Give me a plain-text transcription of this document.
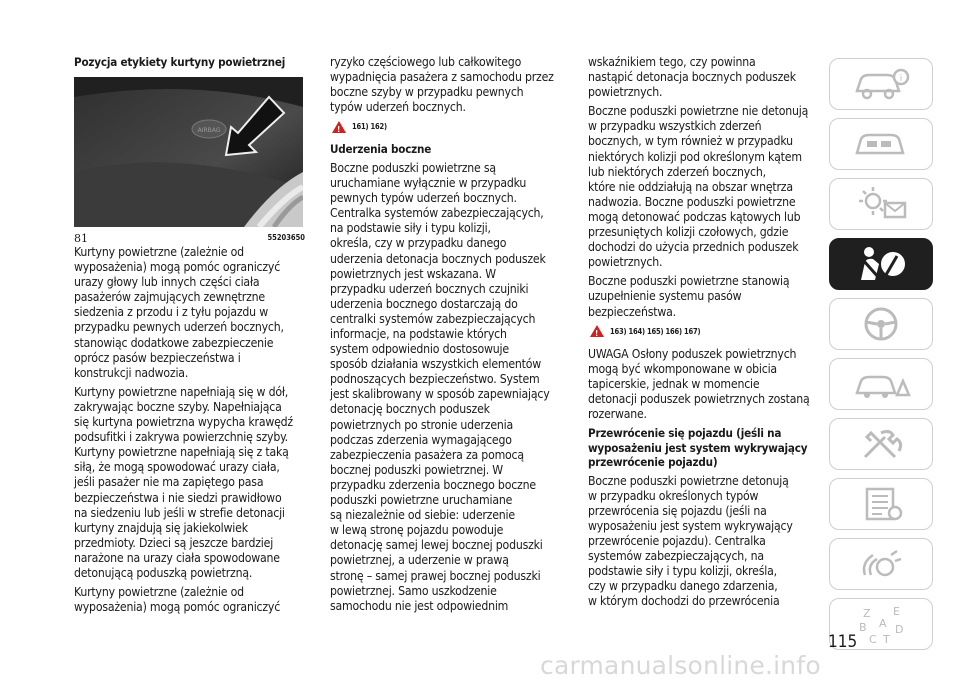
Pozycja etykiety kurtyny powietrznej
AIRBAG
81	55203650

Kurtyny powietrzne (zależnie od
wyposażenia) mogą pomóc ograniczyć
urazy głowy lub innych części ciała
pasażerów zajmujących zewnętrzne
siedzenia z przodu i z tyłu pojazdu w
przypadku pewnych uderzeń bocznych,
stanowiąc dodatkowe zabezpieczenie
oprócz pasów bezpieczeństwa i
konstrukcji nadwozia.

Kurtyny powietrzne napełniają się w dół,
zakrywając boczne szyby. Napełniająca
się kurtyna powietrzna wypycha krawędź
podsufitki i zakrywa powierzchnię szyby.
Kurtyny powietrzne napełniają się z taką
siłą, że mogą spowodować urazy ciała,
jeśli pasażer nie ma zapiętego pasa
bezpieczeństwa i nie siedzi prawidłowo
na siedzeniu lub jeśli w strefie detonacji
kurtyny znajdują się jakiekolwiek
przedmioty. Dzieci są jeszcze bardziej
narażone na urazy ciała spowodowane
detonującą poduszką powietrzną.

Kurtyny powietrzne (zależnie od
wyposażenia) mogą pomóc ograniczyć

ryzyko częściowego lub całkowitego
wypadnięcia pasażera z samochodu przez
boczne szyby w przypadku pewnych
typów uderzeń bocznych.

!
161) 162)
Uderzenia boczne

Boczne poduszki powietrzne są
uruchamiane wyłącznie w przypadku
pewnych typów uderzeń bocznych.
Centralka systemów zabezpieczających,
na podstawie siły i typu kolizji,
określa, czy w przypadku danego
uderzenia detonacja bocznych poduszek
powietrznych jest wskazana. W
przypadku uderzeń bocznych czujniki
uderzenia bocznego dostarczają do
centralki systemów zabezpieczających
informacje, na podstawie których
system odpowiednio dostosowuje
sposób działania wszystkich elementów
podnoszących bezpieczeństwo. System
jest skalibrowany w sposób zapewniający
detonację bocznych poduszek
powietrznych po stronie uderzenia
podczas zderzenia wymagającego
zabezpieczenia pasażera za pomocą
bocznej poduszki powietrznej. W
przypadku zderzenia bocznego boczne
poduszki powietrzne uruchamiane
są niezależnie od siebie: uderzenie
w lewą stronę pojazdu powoduje
detonację samej lewej bocznej poduszki
powietrznej, a uderzenie w prawą
stronę – samej prawej bocznej poduszki
powietrznej. Samo uszkodzenie
samochodu nie jest odpowiednim

wskaźnikiem tego, czy powinna
nastąpić detonacja bocznych poduszek
powietrznych.

Boczne poduszki powietrzne nie detonują
w przypadku wszystkich zderzeń
bocznych, w tym również w przypadku
niektórych kolizji pod określonym kątem
lub niektórych zderzeń bocznych,
które nie oddziałują na obszar wnętrza
nadwozia. Boczne poduszki powietrzne
mogą detonować podczas kątowych lub
przesuniętych kolizji czołowych, gdzie
dochodzi do użycia przednich poduszek
powietrznych.

Boczne poduszki powietrzne stanowią
uzupełnienie systemu pasów
bezpieczeństwa.

!
163) 164) 165) 166) 167)

UWAGA Osłony poduszek powietrznych
mogą być wkomponowane w obicia
tapicerskie, jednak w momencie
detonacji poduszek powietrznych zostaną
rozerwane.

Przewrócenie się pojazdu (jeśli na
wyposażeniu jest system wykrywający
przewrócenie pojazdu)

Boczne poduszki powietrzne detonują
w przypadku określonych typów
przewrócenia się pojazdu (jeśli na
wyposażeniu jest system wykrywający
przewrócenie pojazdu). Centralka
systemów zabezpieczających, na
podstawie siły i typu kolizji, określa,
czy w przypadku danego zdarzenia,
w którym dochodzi do przewrócenia

i
Z E
B A D
C T
115
carmanualsonline.info
